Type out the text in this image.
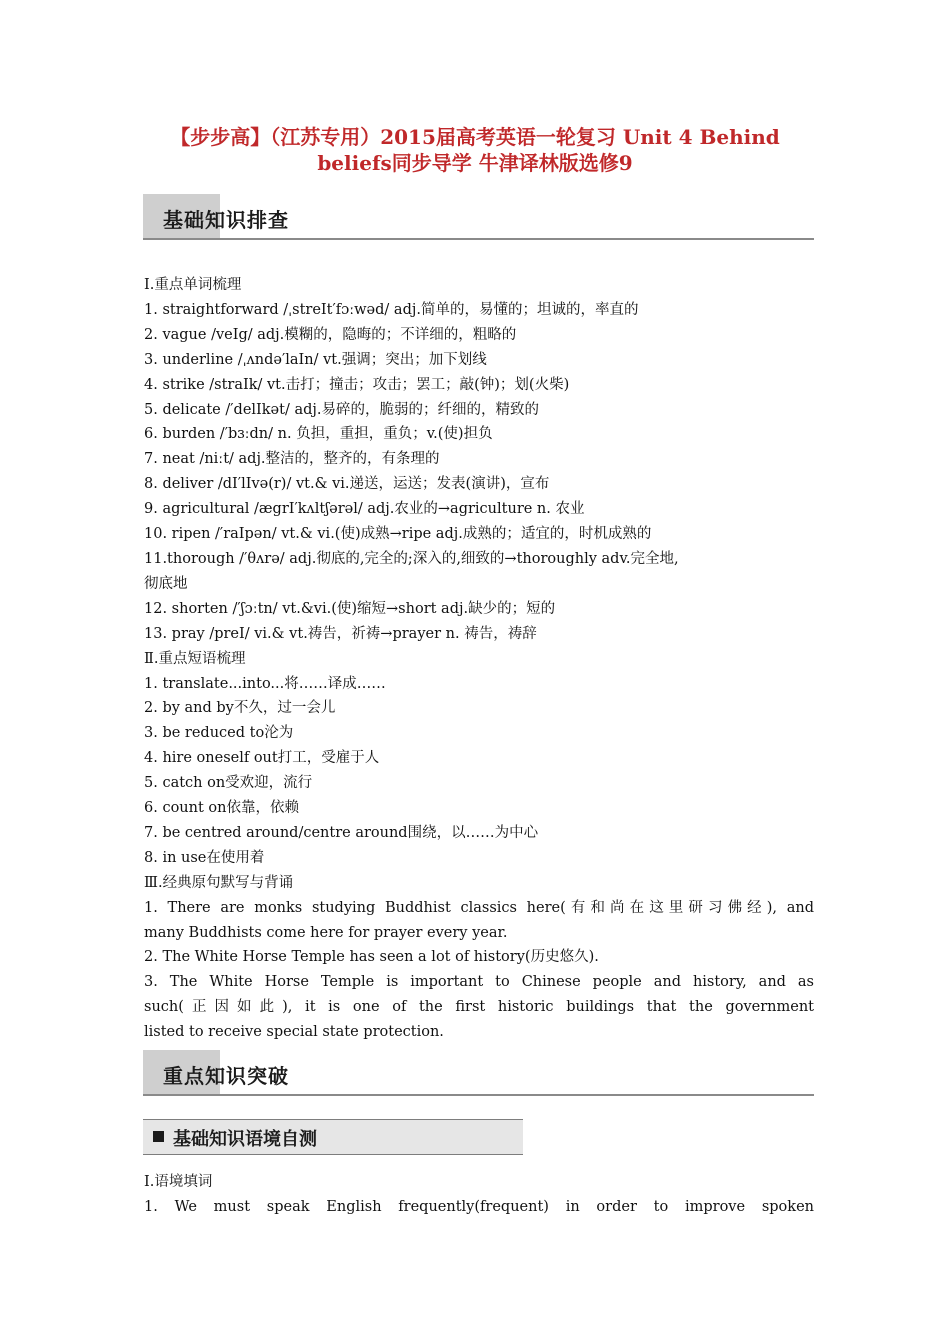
【步步高】（江苏专用）2015届高考英语一轮复习 Unit 4 Behind
beliefs同步导学 牛津译林版选修9
基础知识排查
Ⅰ.重点单词梳理
1. straightforward /ˌstreIt′fɔːwəd/ adj.简单的，易懂的；坦诚的，率直的
2. vague /veIg/ adj.模糊的，隐晦的；不详细的，粗略的
3. underline /ˌʌndə′laIn/ vt.强调；突出；加下划线
4. strike /straIk/ vt.击打；撞击；攻击；罢工；敲(钟)；划(火柴)
5. delicate /′delIkət/ adj.易碎的，脆弱的；纤细的，精致的
6. burden /′bɜːdn/ n. 负担，重担，重负；v.(使)担负
7. neat /niːt/ adj.整洁的，整齐的，有条理的
8. deliver /dI′lIvə(r)/ vt.& vi.递送，运送；发表(演讲)，宣布
9. agricultural /ægrI′kʌltʃərəl/ adj.农业的→agriculture n. 农业
10. ripen /′raIpən/ vt.& vi.(使)成熟→ripe adj.成熟的；适宜的，时机成熟的
11.thorough /′θʌrə/ adj.彻底的,完全的;深入的,细致的→thoroughly adv.完全地,
彻底地
12. shorten /′ʃɔːtn/ vt.&vi.(使)缩短→short adj.缺少的；短的
13. pray /preI/ vi.& vt.祷告，祈祷→prayer n. 祷告，祷辞
Ⅱ.重点短语梳理
1. translate...into...将……译成……
2. by and by不久，过一会儿
3. be reduced to沦为
4. hire oneself out打工，受雇于人
5. catch on受欢迎，流行
6. count on依靠，依赖
7. be centred around/centre around围绕，以……为中心
8. in use在使用着
Ⅲ.经典原句默写与背诵
1. There are monks studying Buddhist classics here(有和尚在这里研习佛经), and
many Buddhists come here for prayer every year.
2. The White Horse Temple has seen a lot of history(历史悠久).
3. The White Horse Temple is important to Chinese people and history, and as
such(正因如此), it is one of the first historic buildings that the government
listed to receive special state protection.
重点知识突破
基础知识语境自测
Ⅰ.语境填词
1. We must speak English frequently(frequent) in order to improve spoken
